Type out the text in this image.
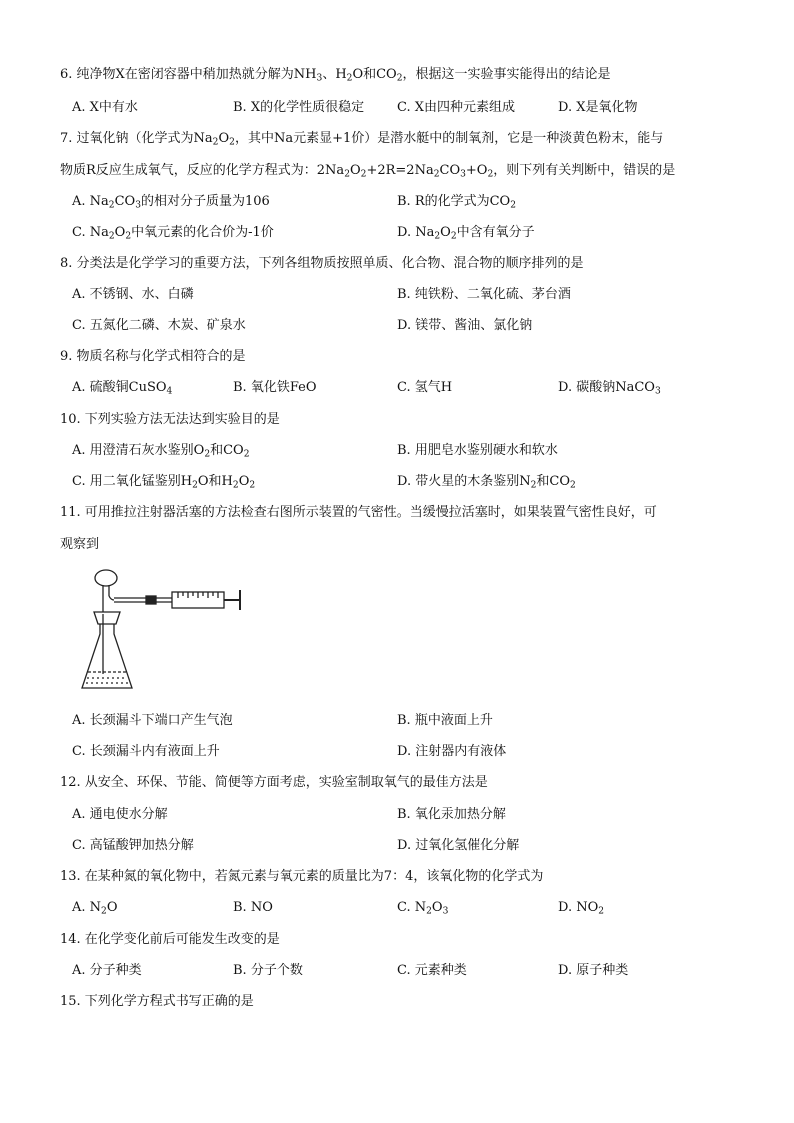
6. 纯净物X在密闭容器中稍加热就分解为$NH_3$、$H_2O$和$CO_2$，根据这一实验事实能得出的结论是
A. X中有水	B. X的化学性质很稳定	C. X由四种元素组成	D. X是氧化物
7. 过氧化钠（化学式为$Na_2O_2$，其中Na元素显+1价）是潜水艇中的制氧剂，它是一种淡黄色粉末，能与
物质R反应生成氧气，反应的化学方程式为：$2Na_2O_2+2R=2Na_2CO_3+O_2$，则下列有关判断中，错误的是
A. $Na_2CO_3$的相对分子质量为106	B. R的化学式为$CO_2$
C. $Na_2O_2$中氧元素的化合价为-1价	D. $Na_2O_2$中含有氧分子
8. 分类法是化学学习的重要方法，下列各组物质按照单质、化合物、混合物的顺序排列的是
A. 不锈钢、水、白磷	B. 纯铁粉、二氧化硫、茅台酒
C. 五氮化二磷、木炭、矿泉水	D. 镁带、酱油、氯化钠
9. 物质名称与化学式相符合的是
A. 硫酸铜CuSO$_4$	B. 氧化铁FeO	C. 氢气H	D. 碳酸钠NaCO$_3$
10. 下列实验方法无法达到实验目的是
A. 用澄清石灰水鉴别$O_2$和$CO_2$	B. 用肥皂水鉴别硬水和软水
C. 用二氧化锰鉴别$H_2O$和$H_2O_2$	D. 带火星的木条鉴别$N_2$和$CO_2$
11. 可用推拉注射器活塞的方法检查右图所示装置的气密性。当缓慢拉活塞时，如果装置气密性良好，可
观察到
A. 长颈漏斗下端口产生气泡	B. 瓶中液面上升
C. 长颈漏斗内有液面上升	D. 注射器内有液体
12. 从安全、环保、节能、简便等方面考虑，实验室制取氧气的最佳方法是
A. 通电使水分解	B. 氧化汞加热分解
C. 高锰酸钾加热分解	D. 过氧化氢催化分解
13. 在某种氮的氧化物中，若氮元素与氧元素的质量比为7：4，该氧化物的化学式为
A. $N_2O$	B. NO	C. $N_2O_3$	D. $NO_2$
14. 在化学变化前后可能发生改变的是
A. 分子种类	B. 分子个数	C. 元素种类	D. 原子种类
15. 下列化学方程式书写正确的是
